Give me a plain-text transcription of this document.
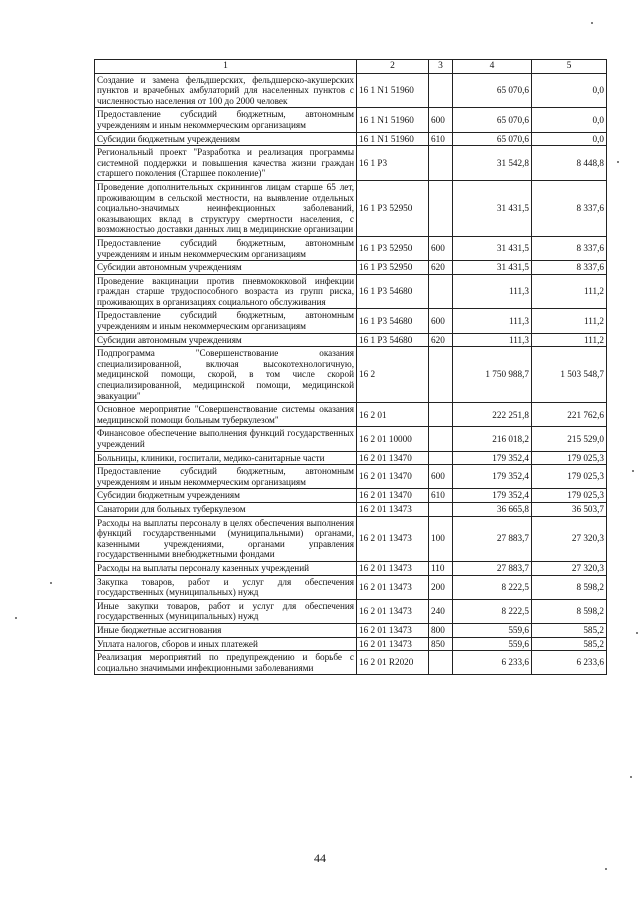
1	2	3	4	5
Создание и замена фельдшерских, фельдшерско-акушерских пунктов и врачебных амбулаторий для населенных пунктов с численностью населения от 100 до 2000 человек	16 1 N1 51960		65 070,6	0,0
Предоставление субсидий бюджетным, автономным учреждениям и иным некоммерческим организациям	16 1 N1 51960	600	65 070,6	0,0
Субсидии бюджетным учреждениям	16 1 N1 51960	610	65 070,6	0,0
Региональный проект "Разработка и реализация программы системной поддержки и повышения качества жизни граждан старшего поколения (Старшее поколение)"	16 1 P3		31 542,8	8 448,8
Проведение дополнительных скринингов лицам старше 65 лет, проживающим в сельской местности, на выявление отдельных социально-значимых неинфекционных заболеваний, оказывающих вклад в структуру смертности населения, с возможностью доставки данных лиц в медицинские организации	16 1 P3 52950		31 431,5	8 337,6
Предоставление субсидий бюджетным, автономным учреждениям и иным некоммерческим организациям	16 1 P3 52950	600	31 431,5	8 337,6
Субсидии автономным учреждениям	16 1 P3 52950	620	31 431,5	8 337,6
Проведение вакцинации против пневмококковой инфекции граждан старше трудоспособного возраста из групп риска, проживающих в организациях социального обслуживания	16 1 P3 54680		111,3	111,2
Предоставление субсидий бюджетным, автономным учреждениям и иным некоммерческим организациям	16 1 P3 54680	600	111,3	111,2
Субсидии автономным учреждениям	16 1 P3 54680	620	111,3	111,2
Подпрограмма "Совершенствование оказания специализированной, включая высокотехнологичную, медицинской помощи, скорой, в том числе скорой специализированной, медицинской помощи, медицинской эвакуации"	16 2		1 750 988,7	1 503 548,7
Основное мероприятие "Совершенствование системы оказания медицинской помощи больным туберкулезом"	16 2 01		222 251,8	221 762,6
Финансовое обеспечение выполнения функций государственных учреждений	16 2 01 10000		216 018,2	215 529,0
Больницы, клиники, госпитали, медико-санитарные части	16 2 01 13470		179 352,4	179 025,3
Предоставление субсидий бюджетным, автономным учреждениям и иным некоммерческим организациям	16 2 01 13470	600	179 352,4	179 025,3
Субсидии бюджетным учреждениям	16 2 01 13470	610	179 352,4	179 025,3
Санатории для больных туберкулезом	16 2 01 13473		36 665,8	36 503,7
Расходы на выплаты персоналу в целях обеспечения выполнения функций государственными (муниципальными) органами, казенными учреждениями, органами управления государственными внебюджетными фондами	16 2 01 13473	100	27 883,7	27 320,3
Расходы на выплаты персоналу казенных учреждений	16 2 01 13473	110	27 883,7	27 320,3
Закупка товаров, работ и услуг для обеспечения государственных (муниципальных) нужд	16 2 01 13473	200	8 222,5	8 598,2
Иные закупки товаров, работ и услуг для обеспечения государственных (муниципальных) нужд	16 2 01 13473	240	8 222,5	8 598,2
Иные бюджетные ассигнования	16 2 01 13473	800	559,6	585,2
Уплата налогов, сборов и иных платежей	16 2 01 13473	850	559,6	585,2
Реализация мероприятий по предупреждению и борьбе с социально значимыми инфекционными заболеваниями	16 2 01 R2020		6 233,6	6 233,6
44
